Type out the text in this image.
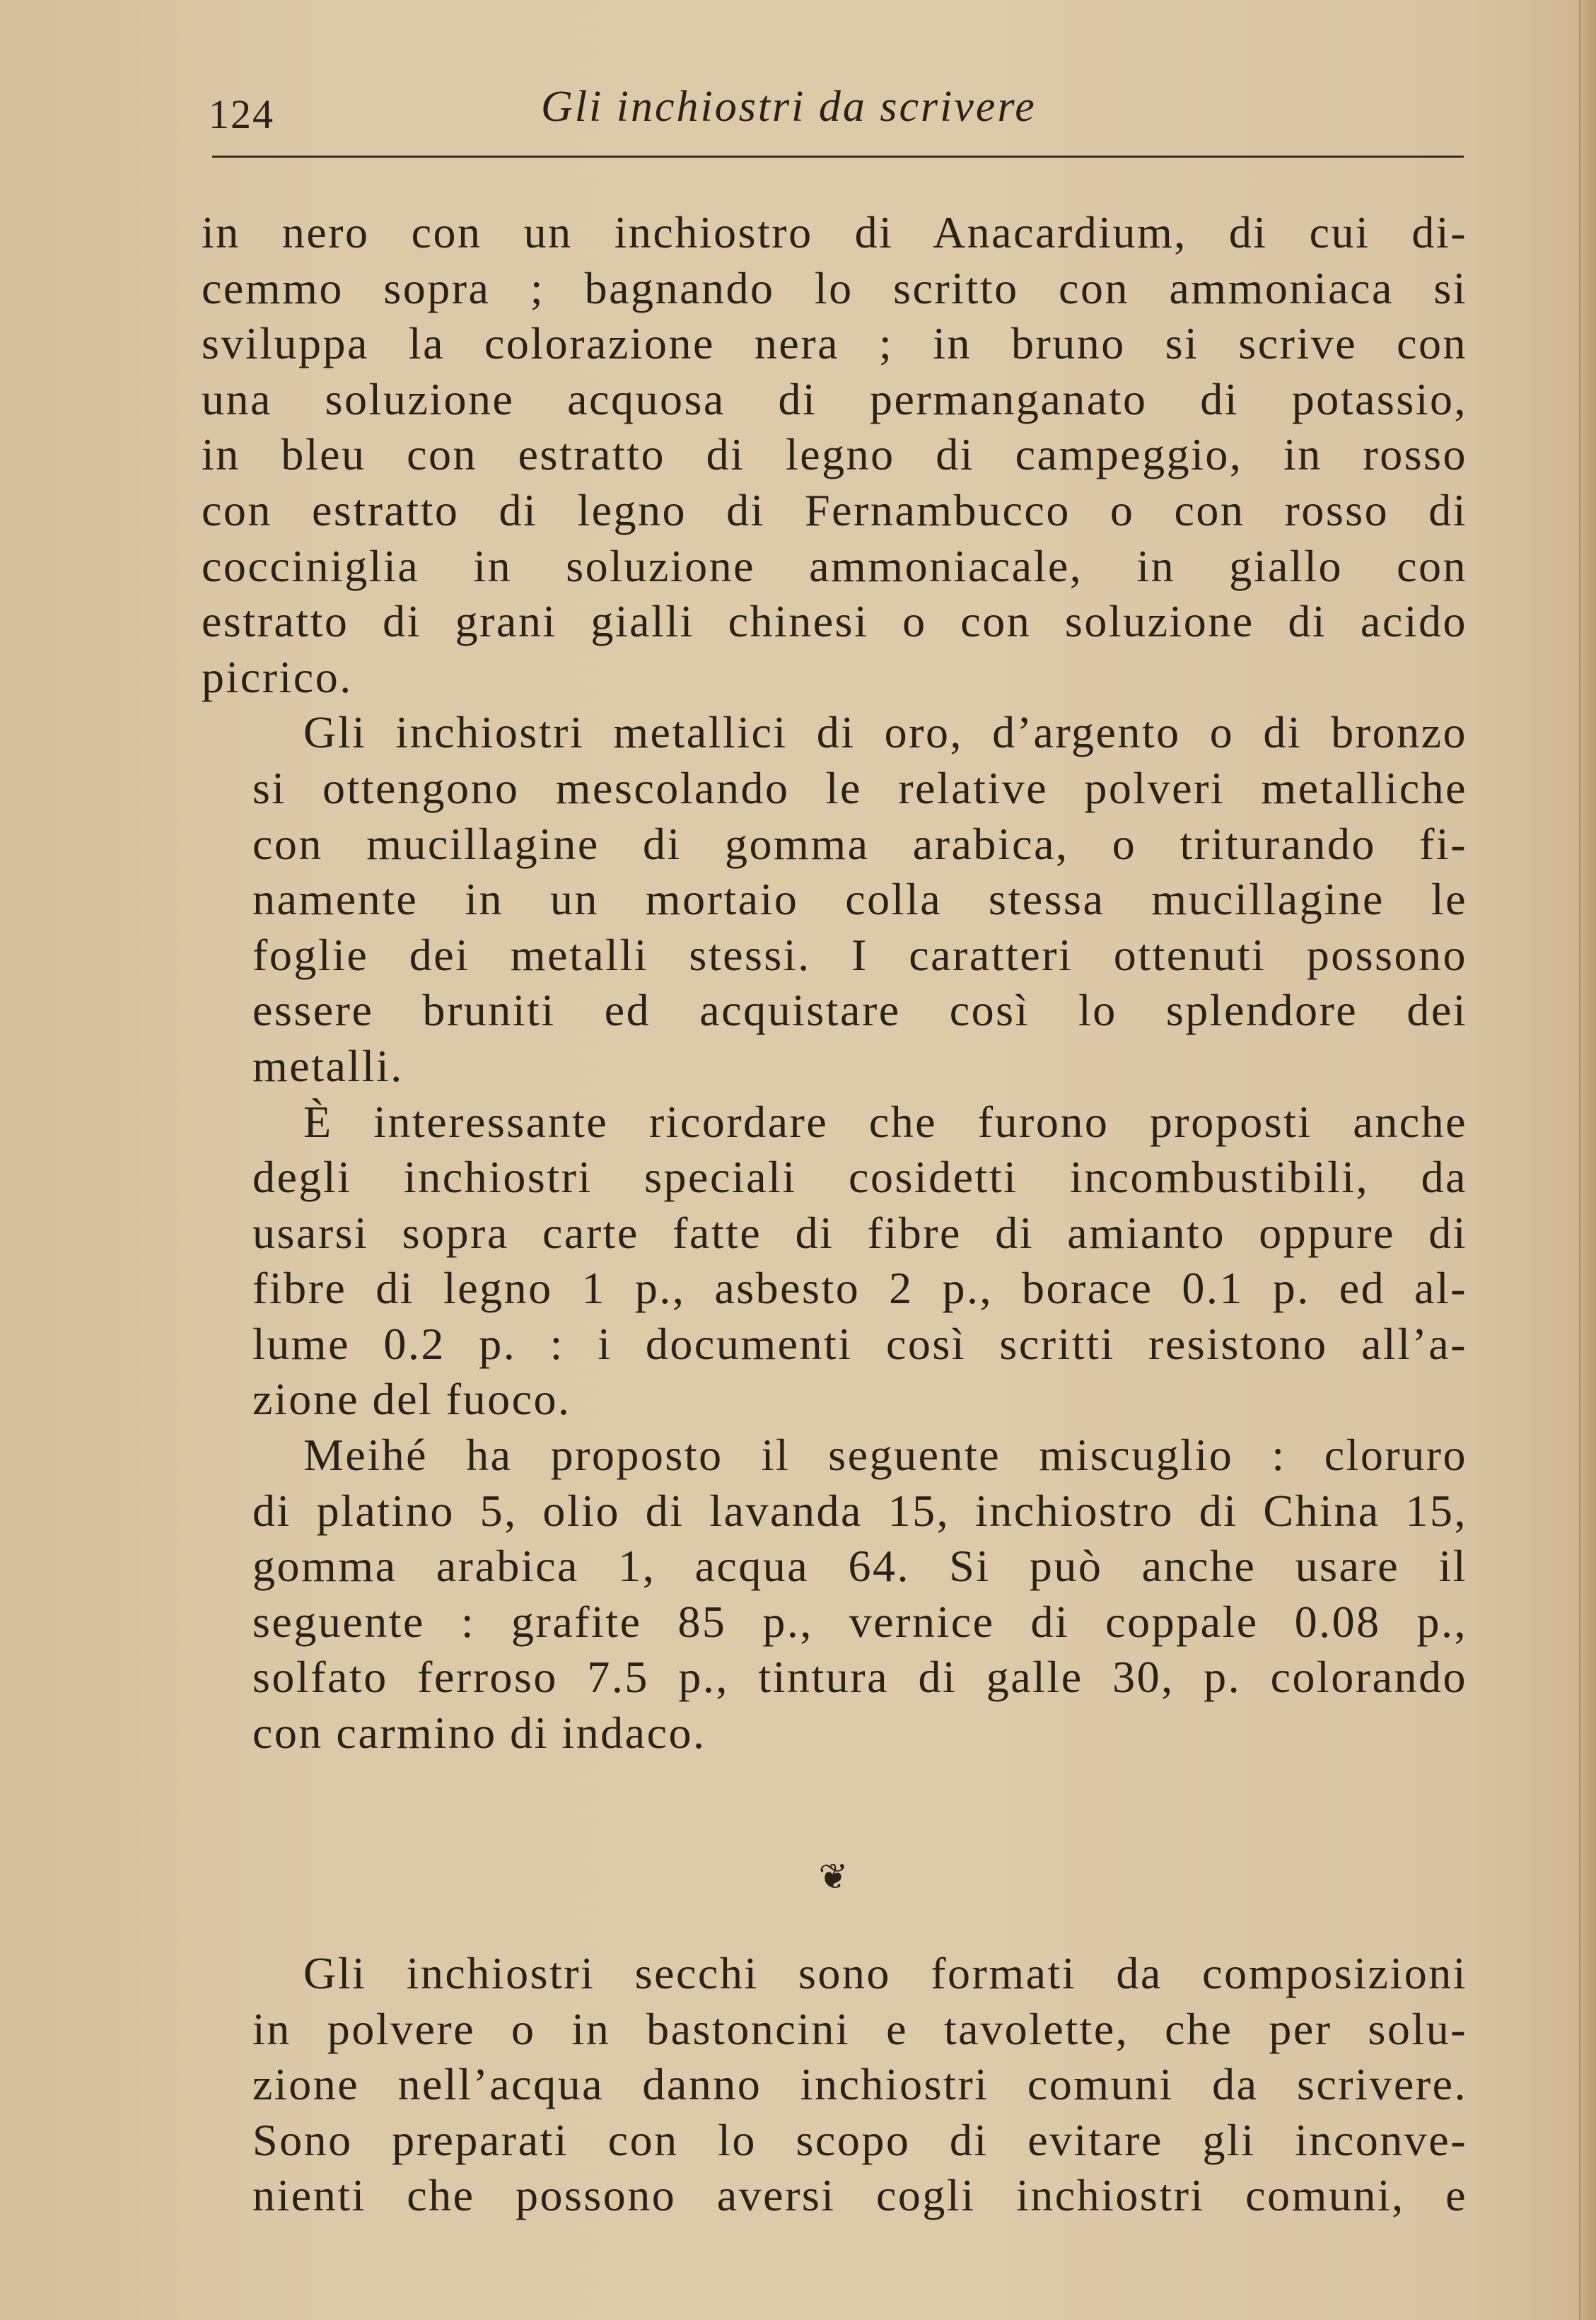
124	Gli inchiostri da scrivere

in nero con un inchiostro di Anacardium, di cui di-
cemmo sopra ; bagnando lo scritto con ammoniaca si
sviluppa la colorazione nera ; in bruno si scrive con
una soluzione acquosa di permanganato di potassio,
in bleu con estratto di legno di campeggio, in rosso
con estratto di legno di Fernambucco o con rosso di
cocciniglia in soluzione ammoniacale, in giallo con
estratto di grani gialli chinesi o con soluzione di acido
picrico.

Gli inchiostri metallici di oro, d’argento o di bronzo
si ottengono mescolando le relative polveri metalliche
con mucillagine di gomma arabica, o triturando fi-
namente in un mortaio colla stessa mucillagine le
foglie dei metalli stessi. I caratteri ottenuti possono
essere bruniti ed acquistare così lo splendore dei
metalli.

È interessante ricordare che furono proposti anche
degli inchiostri speciali cosidetti incombustibili, da
usarsi sopra carte fatte di fibre di amianto oppure di
fibre di legno 1 p., asbesto 2 p., borace 0.1 p. ed al-
lume 0.2 p. : i documenti così scritti resistono all’a-
zione del fuoco.

Meihé ha proposto il seguente miscuglio : cloruro
di platino 5, olio di lavanda 15, inchiostro di China 15,
gomma arabica 1, acqua 64. Si può anche usare il
seguente : grafite 85 p., vernice di coppale 0.08 p.,
solfato ferroso 7.5 p., tintura di galle 30, p. colorando
con carmino di indaco.

❦

Gli inchiostri secchi sono formati da composizioni
in polvere o in bastoncini e tavolette, che per solu-
zione nell’acqua danno inchiostri comuni da scrivere.
Sono preparati con lo scopo di evitare gli inconve-
nienti che possono aversi cogli inchiostri comuni, e
